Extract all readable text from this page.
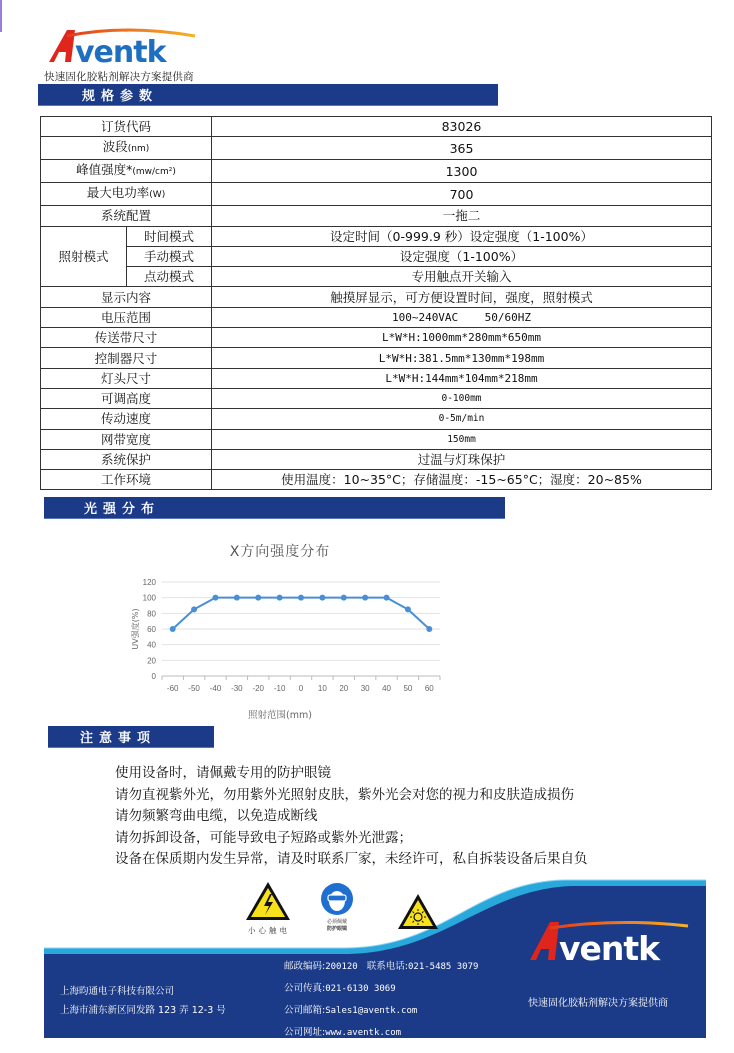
ventk
快速固化胶粘剂解决方案提供商
规格参数
订货代码		83026
波段(nm)		365
峰值强度*(mw/cm²)		1300
最大电功率(W)		700
系统配置		一拖二
照射模式	时间模式	设定时间（0-999.9 秒）设定强度（1-100%）
	手动模式	设定强度（1-100%）
	点动模式	专用触点开关输入
显示内容		触摸屏显示，可方便设置时间，强度，照射模式
电压范围		100~240VAC    50/60HZ
传送带尺寸		L*W*H:1000mm*280mm*650mm
控制器尺寸		L*W*H:381.5mm*130mm*198mm
灯头尺寸		L*W*H:144mm*104mm*218mm
可调高度		0-100mm
传动速度		0-5m/min
网带宽度		150mm
系统保护		过温与灯珠保护
工作环境		使用温度：10~35°C；存储温度：-15~65°C；湿度：20~85%
光强分布
X方向强度分布
0
20
40
60
80
100
120
-60 -50 -40 -30 -20 -10 0 10 20 30 40 50 60
UV强度(%)
照射范围(mm)
注意事项
使用设备时，请佩戴专用的防护眼镜
请勿直视紫外光，勿用紫外光照射皮肤，紫外光会对您的视力和皮肤造成损伤
请勿频繁弯曲电缆，以免造成断线
请勿拆卸设备，可能导致电子短路或紫外光泄露；
设备在保质期内发生异常，请及时联系厂家，未经许可，私自拆装设备后果自负
小心触电
必须佩戴
防护眼镜
上海昀通电子科技有限公司
上海市浦东新区同发路 123 弄 12-3 号
邮政编码:200120 联系电话:021-5485 3079
公司传真:021-6130 3069
公司邮箱:Sales1@aventk.com
公司网址:www.aventk.com
ventk
快速固化胶粘剂解决方案提供商
